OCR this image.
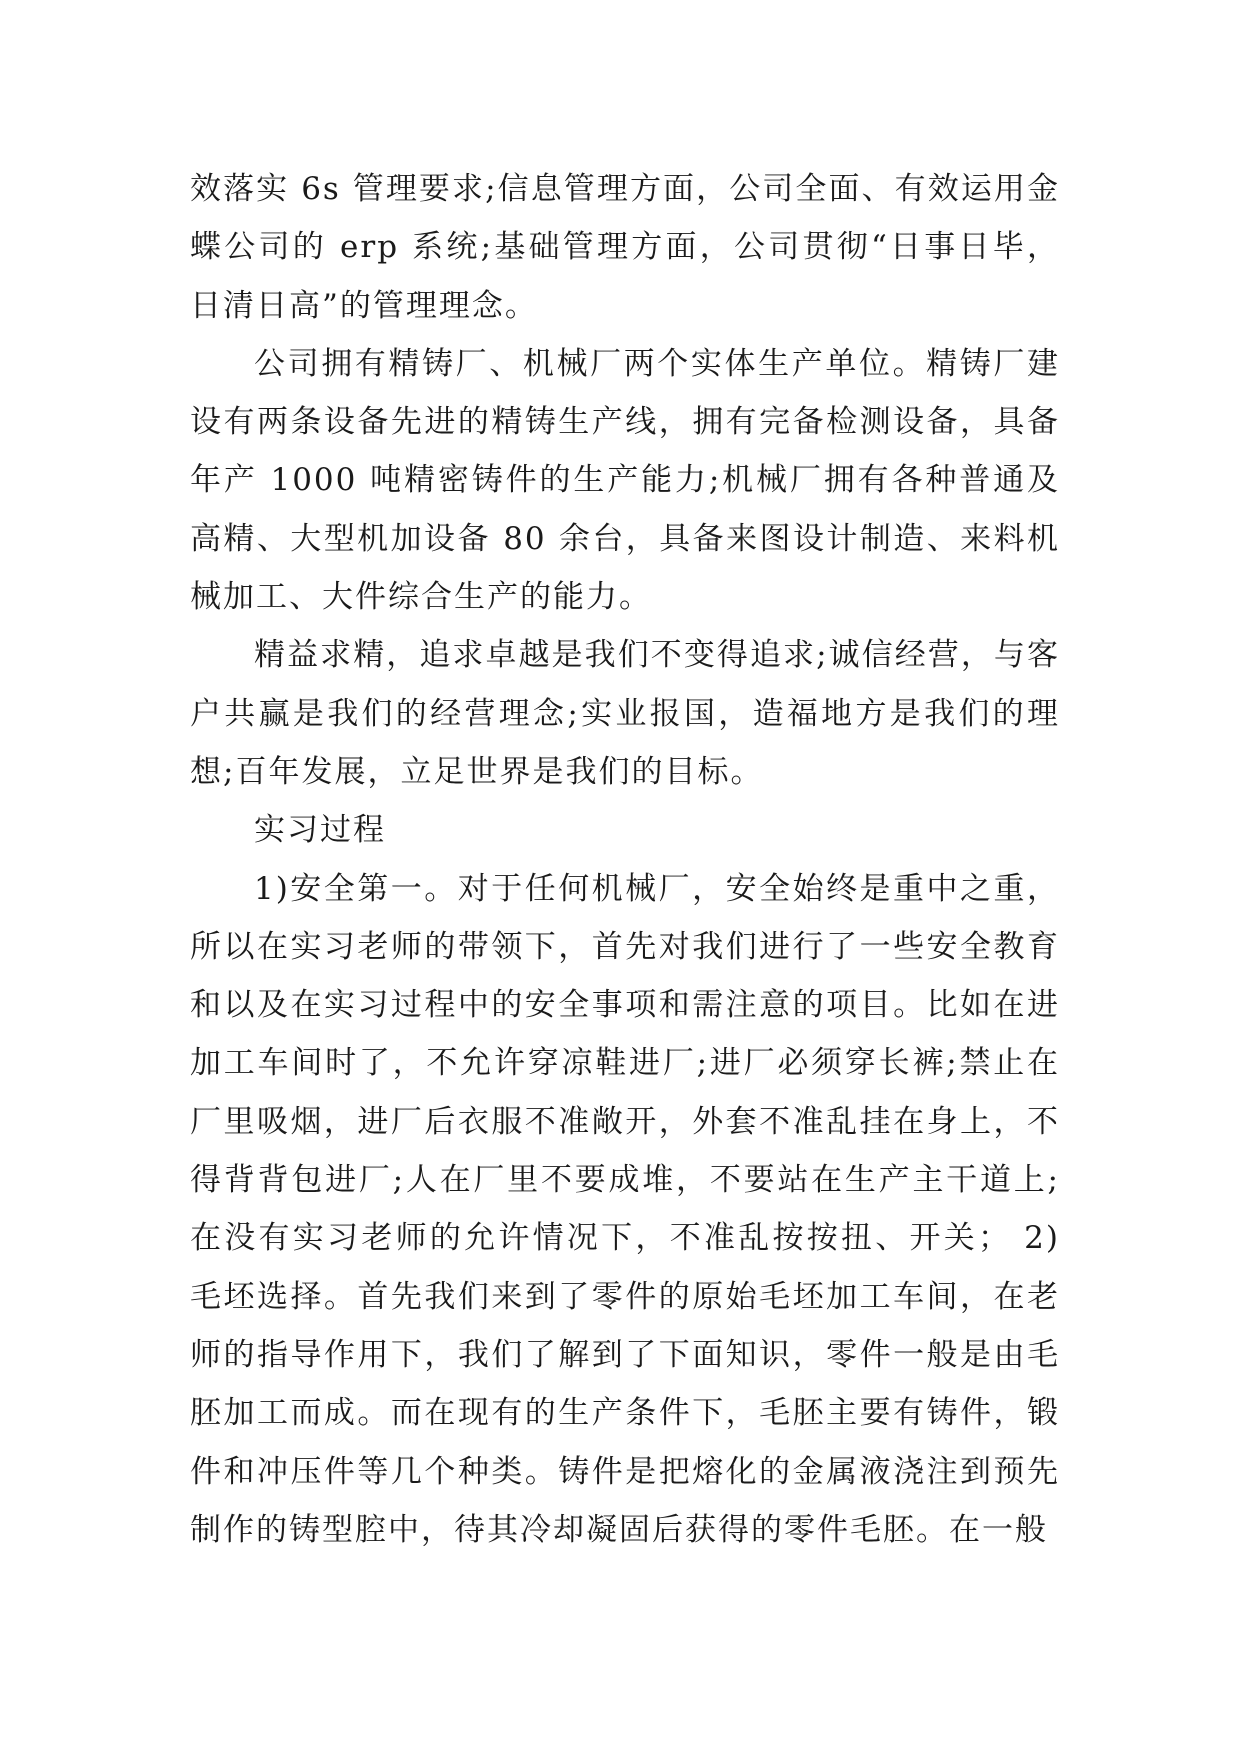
效落实 6s 管理要求;信息管理方面，公司全面、有效运用金蝶公司的 erp 系统;基础管理方面，公司贯彻“日事日毕，日清日高”的管理理念。

公司拥有精铸厂、机械厂两个实体生产单位。精铸厂建设有两条设备先进的精铸生产线，拥有完备检测设备，具备年产 1000 吨精密铸件的生产能力;机械厂拥有各种普通及高精、大型机加设备 80 余台，具备来图设计制造、来料机械加工、大件综合生产的能力。

精益求精，追求卓越是我们不变得追求;诚信经营，与客户共赢是我们的经营理念;实业报国，造福地方是我们的理想;百年发展，立足世界是我们的目标。

实习过程

1)安全第一。对于任何机械厂，安全始终是重中之重，所以在实习老师的带领下，首先对我们进行了一些安全教育和以及在实习过程中的安全事项和需注意的项目。比如在进加工车间时了，不允许穿凉鞋进厂;进厂必须穿长裤;禁止在厂里吸烟，进厂后衣服不准敞开，外套不准乱挂在身上，不得背背包进厂;人在厂里不要成堆，不要站在生产主干道上;在没有实习老师的允许情况下，不准乱按按扭、开关； 2)毛坯选择。首先我们来到了零件的原始毛坯加工车间，在老师的指导作用下，我们了解到了下面知识，零件一般是由毛胚加工而成。而在现有的生产条件下，毛胚主要有铸件，锻件和冲压件等几个种类。铸件是把熔化的金属液浇注到预先制作的铸型腔中，待其冷却凝固后获得的零件毛胚。在一般
